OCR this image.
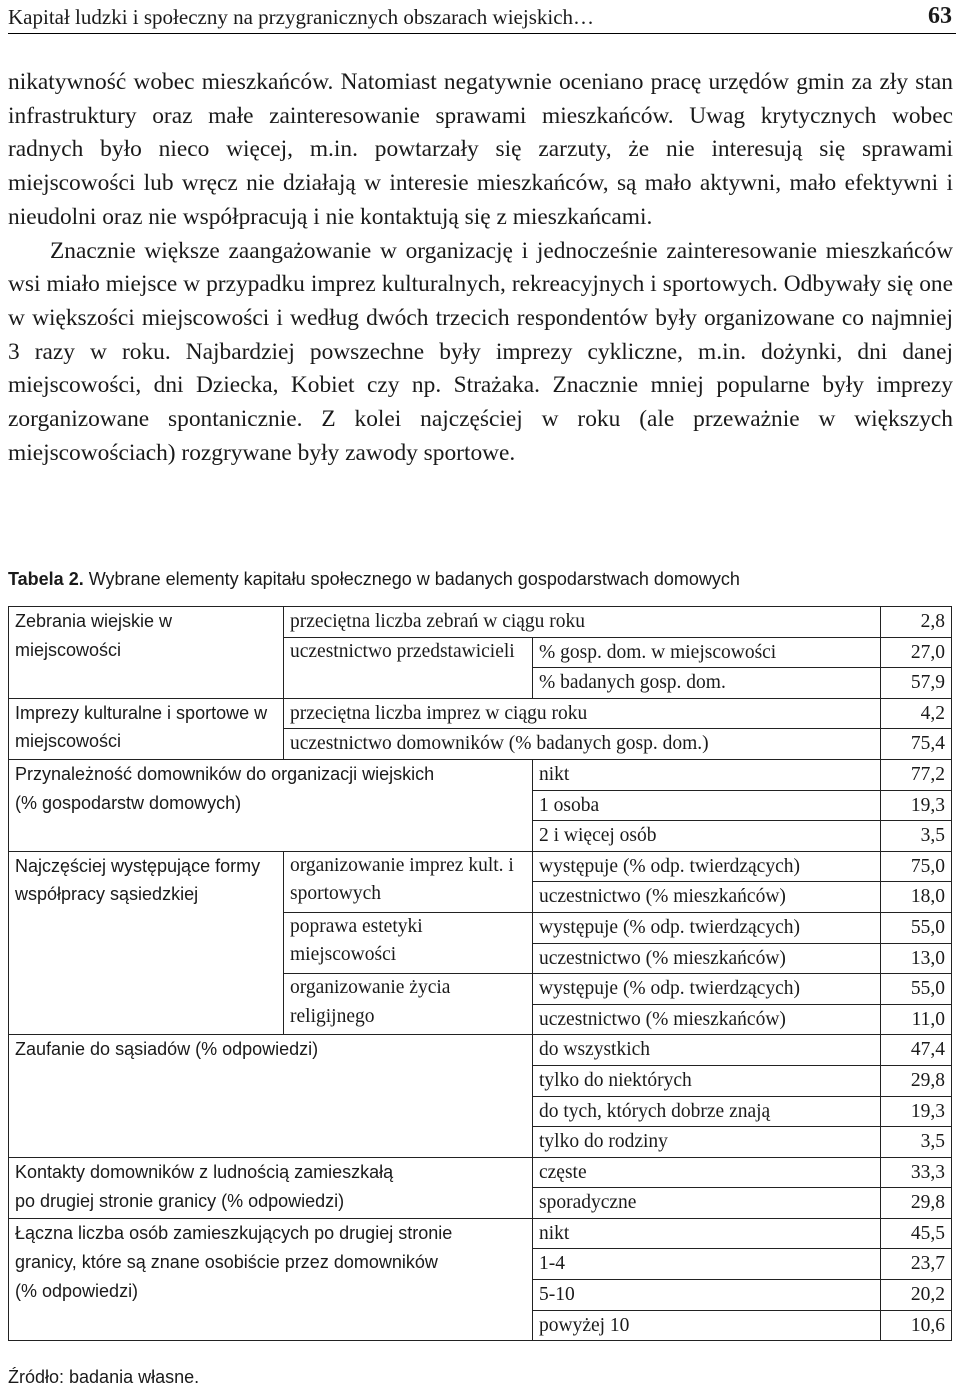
Kapitał ludzki i społeczny na przygranicznych obszarach wiejskich…	63

nikatywność wobec mieszkańców. Natomiast negatywnie oceniano pracę urzędów gmin za zły stan infrastruktury oraz małe zainteresowanie sprawami mieszkańców. Uwag krytycznych wobec radnych było nieco więcej, m.in. powtarzały się zarzuty, że nie interesują się sprawami miejscowości lub wręcz nie działają w interesie mieszkańców, są mało aktywni, mało efektywni i nieudolni oraz nie współpracują i nie kontaktują się z mieszkańcami.

Znacznie większe zaangażowanie w organizację i jednocześnie zainteresowanie mieszkańców wsi miało miejsce w przypadku imprez kulturalnych, rekreacyjnych i sportowych. Odbywały się one w większości miejscowości i według dwóch trzecich respondentów były organizowane co najmniej 3 razy w roku. Najbardziej powszechne były imprezy cykliczne, m.in. dożynki, dni danej miejscowości, dni Dziecka, Kobiet czy np. Strażaka. Znacznie mniej popularne były imprezy zorganizowane spontanicznie. Z kolei najczęściej w roku (ale przeważnie w większych miejscowościach) rozgrywane były zawody sportowe.

Tabela 2. Wybrane elementy kapitału społecznego w badanych gospodarstwach domowych
Zebrania wiejskie w miejscowości	przeciętna liczba zebrań w ciągu roku		2,8
	uczestnictwo przedstawicieli	% gosp. dom. w miejscowości	27,0
		% badanych gosp. dom.	57,9
Imprezy kulturalne i sportowe w miejscowości	przeciętna liczba imprez w ciągu roku		4,2
	uczestnictwo domowników (% badanych gosp. dom.)		75,4

Przynależność domowników do organizacji wiejskich
(% gospodarstw domowych)		nikt	77,2
		1 osoba	19,3
		2 i więcej osób	3,5
Najczęściej występujące formy współpracy sąsiedzkiej	organizowanie imprez kult. i sportowych	występuje (% odp. twierdzących)	75,0
		uczestnictwo (% mieszkańców)	18,0
	poprawa estetyki miejscowości	występuje (% odp. twierdzących)	55,0
		uczestnictwo (% mieszkańców)	13,0
	organizowanie życia religijnego	występuje (% odp. twierdzących)	55,0
		uczestnictwo (% mieszkańców)	11,0
Zaufanie do sąsiadów (% odpowiedzi)		do wszystkich	47,4
		tylko do niektórych	29,8
		do tych, których dobrze znają	19,3
		tylko do rodziny	3,5

Kontakty domowników z ludnością zamieszkałą
po drugiej stronie granicy (% odpowiedzi)		częste	33,3
		sporadyczne	29,8

Łączna liczba osób zamieszkujących po drugiej stronie
granicy, które są znane osobiście przez domowników
(% odpowiedzi)		nikt	45,5
		1-4	23,7
		5-10	20,2
		powyżej 10	10,6
Źródło: badania własne.
